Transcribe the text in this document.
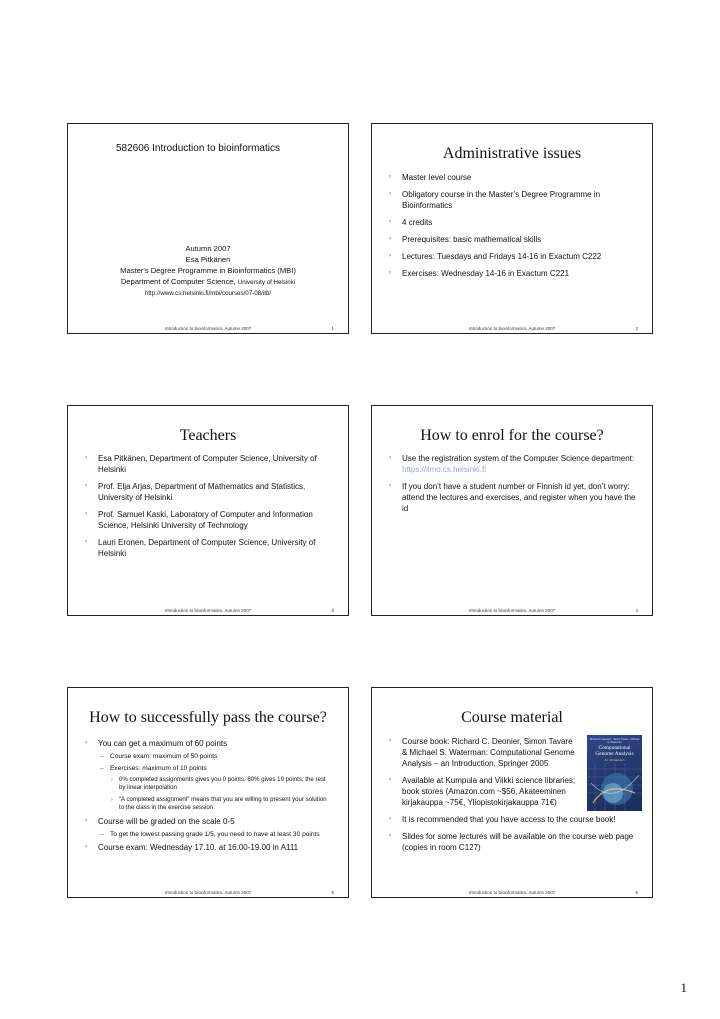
582606 Introduction to bioinformatics
Autumn 2007
Esa Pitkänen
Master's Degree Programme in Bioinformatics (MBI)
Department of Computer Science, University of Helsinki
http://www.cs.helsinki.fi/mbi/courses/07-08/itb/
Introduction to bioinformatics, Autumn 2007	1
Administrative issues
› Master level course
› Obligatory course in the Master’s Degree Programme in Bioinformatics
› 4 credits
› Prerequisites: basic mathematical skills
› Lectures: Tuesdays and Fridays 14-16 in Exactum C222
› Exercises: Wednesday 14-16 in Exactum C221
Introduction to bioinformatics, Autumn 2007	2
Teachers
› Esa Pitkänen, Department of Computer Science, University of Helsinki
› Prof. Elja Arjas, Department of Mathematics and Statistics, University of Helsinki
› Prof. Samuel Kaski, Laboratory of Computer and Information Science, Helsinki University of Technology
› Lauri Eronen, Department of Computer Science, University of Helsinki
Introduction to bioinformatics, Autumn 2007	3
How to enrol for the course?
› Use the registration system of the Computer Science department: https://ilmo.cs.helsinki.fi
› If you don’t have a student number or Finnish id yet, don’t worry: attend the lectures and exercises, and register when you have the id
Introduction to bioinformatics, Autumn 2007	4
How to successfully pass the course?
› You can get a maximum of 60 points
– Course exam: maximum of 50 points
– Exercises: maximum of 10 points
› 0% completed assignments gives you 0 points, 80% gives 10 points, the rest by linear interpolation
› “A completed assignment” means that you are willing to present your solution to the class in the exercise session
› Course will be graded on the scale 0-5
– To get the lowest passing grade 1/5, you need to have at least 30 points
› Course exam: Wednesday 17.10. at 16.00-19.00 in A111
Introduction to bioinformatics, Autumn 2007	5
Course material
› Course book: Richard C. Deonier, Simon Tavare & Michael S. Waterman: Computational Genome Analysis – an Introduction, Springer 2005
› Available at Kumpula and Viikki science libraries; book stores (Amazon.com ~$56, Akateeminen kirjakauppa ~75€, Yliopistokirjakauppa 71€)
› It is recommended that you have access to the course book!
› Slides for some lectures will be available on the course web page (copies in room C127)
Richard C. Deonier · Simon Tavaré · Michael S. Waterman
Computational Genome Analysis
An Introduction
Introduction to bioinformatics, Autumn 2007	6
1
